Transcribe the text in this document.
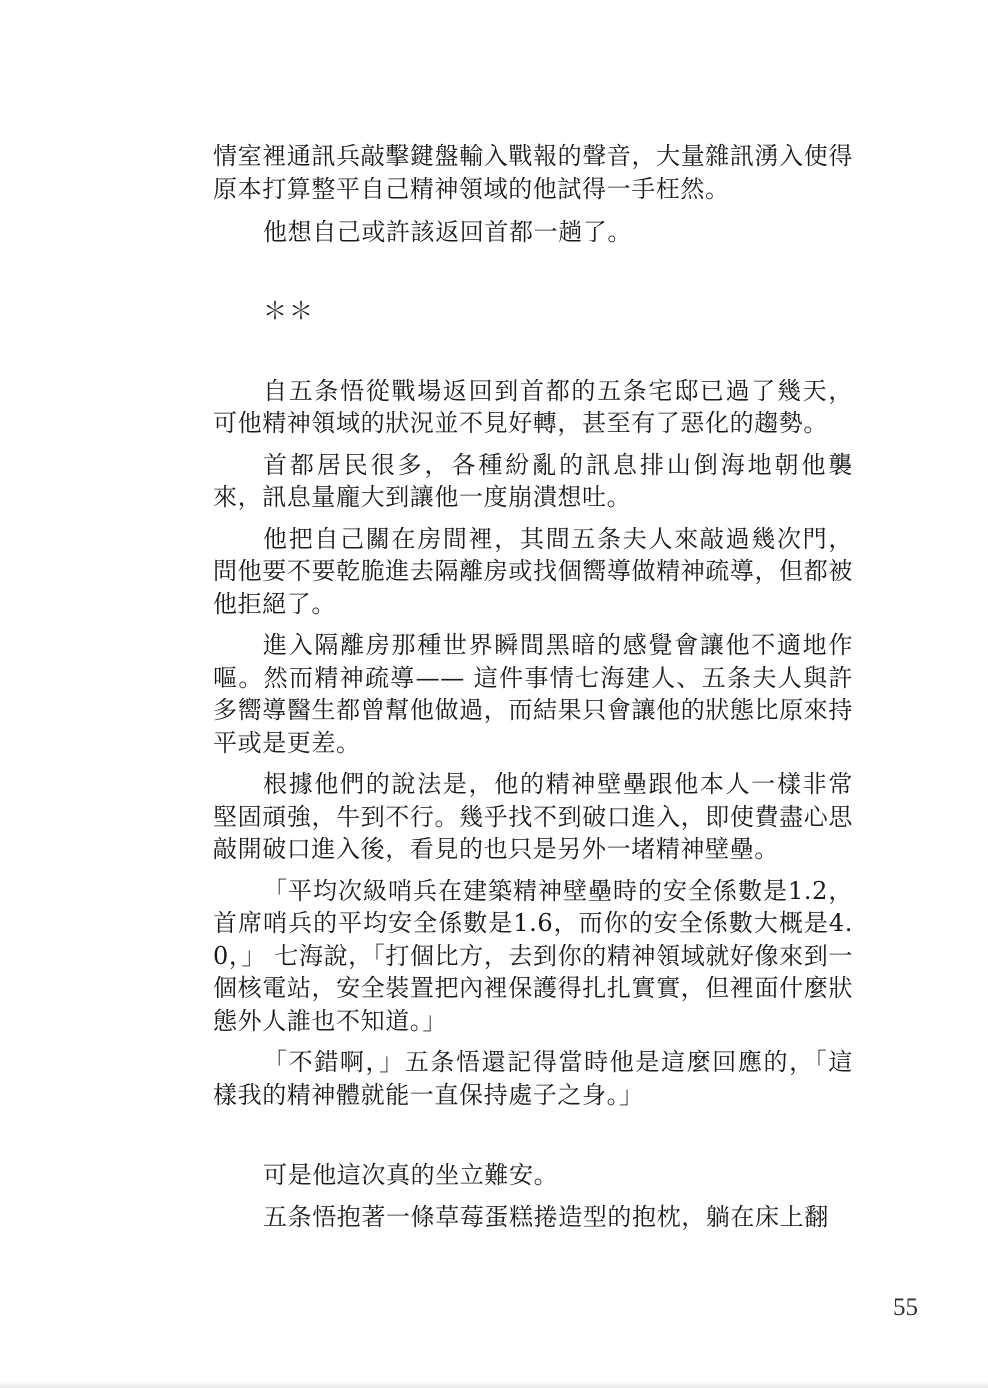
情室裡通訊兵敲擊鍵盤輸入戰報的聲音，大量雜訊湧入使得原本打算整平自己精神領域的他試得一手枉然。

他想自己或許該返回首都一趟了。

＊＊

自五条悟從戰場返回到首都的五条宅邸已過了幾天，可他精神領域的狀況並不見好轉，甚至有了惡化的趨勢。

首都居民很多，各種紛亂的訊息排山倒海地朝他襲來，訊息量龐大到讓他一度崩潰想吐。

他把自己關在房間裡，其間五条夫人來敲過幾次門，問他要不要乾脆進去隔離房或找個嚮導做精神疏導，但都被他拒絕了。

進入隔離房那種世界瞬間黑暗的感覺會讓他不適地作嘔。然而精神疏導—— 這件事情七海建人、五条夫人與許多嚮導醫生都曾幫他做過，而結果只會讓他的狀態比原來持平或是更差。

根據他們的說法是，他的精神壁壘跟他本人一樣非常堅固頑強，牛到不行。幾乎找不到破口進入，即使費盡心思敲開破口進入後，看見的也只是另外一堵精神壁壘。

「平均次級哨兵在建築精神壁壘時的安全係數是1.2，首席哨兵的平均安全係數是1.6，而你的安全係數大概是4.0，」 七海說，「打個比方，去到你的精神領域就好像來到一個核電站，安全裝置把內裡保護得扎扎實實，但裡面什麼狀態外人誰也不知道。」

「不錯啊，」五条悟還記得當時他是這麼回應的，「這樣我的精神體就能一直保持處子之身。」

可是他這次真的坐立難安。

五条悟抱著一條草莓蛋糕捲造型的抱枕，躺在床上翻

55
